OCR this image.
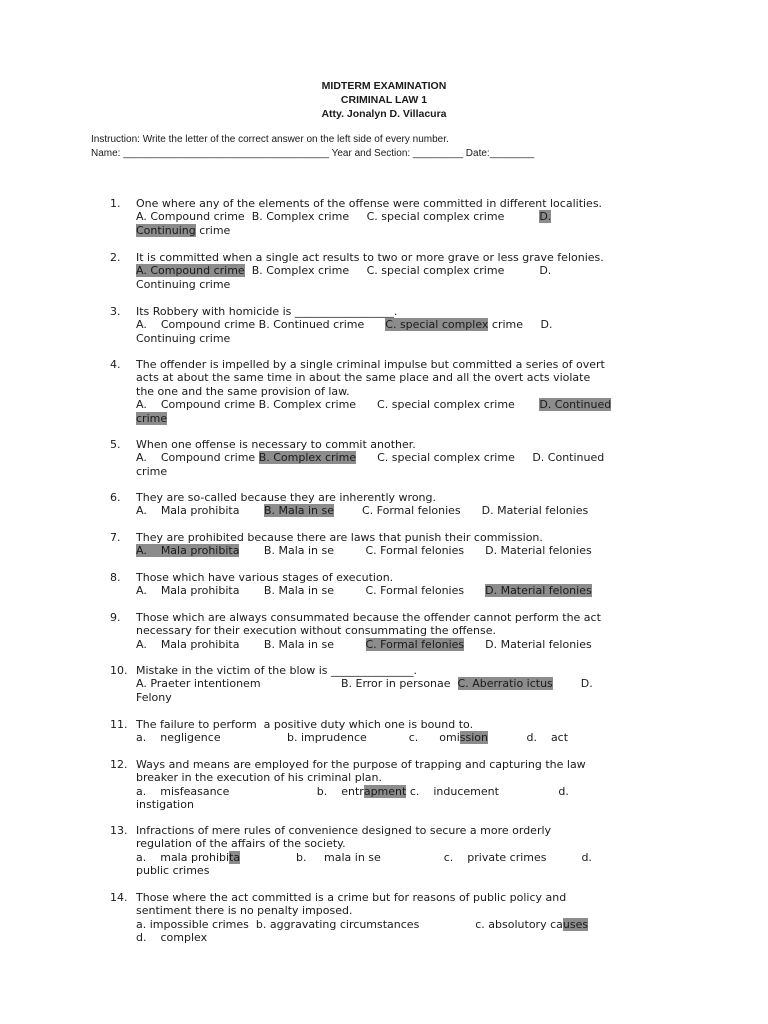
MIDTERM EXAMINATION
CRIMINAL LAW 1
Atty. Jonalyn D. Villacura
Instruction: Write the letter of the correct answer on the left side of every number.
Name: _____________________________________ Year and Section: _________ Date:________
1.	One where any of the elements of the offense were committed in different localities.
A. Compound crime  B. Complex crime     C. special complex crime          D.
Continuing crime
2.	It is committed when a single act results to two or more grave or less grave felonies.
A. Compound crime  B. Complex crime     C. special complex crime          D.
Continuing crime
3.	Its Robbery with homicide is __________________.
A.    Compound crime B. Continued crime      C. special complex crime     D.
Continuing crime
4.	The offender is impelled by a single criminal impulse but committed a series of overt
acts at about the same time in about the same place and all the overt acts violate
the one and the same provision of law.
A.    Compound crime B. Complex crime      C. special complex crime       D. Continued
crime
5.	When one offense is necessary to commit another.
A.    Compound crime B. Complex crime      C. special complex crime     D. Continued
crime
6.	They are so-called because they are inherently wrong.
A.    Mala prohibita       B. Mala in se        C. Formal felonies      D. Material felonies
7.	They are prohibited because there are laws that punish their commission.
A.    Mala prohibita       B. Mala in se         C. Formal felonies      D. Material felonies
8.	Those which have various stages of execution.
A.    Mala prohibita       B. Mala in se         C. Formal felonies      D. Material felonies
9.	Those which are always consummated because the offender cannot perform the act
necessary for their execution without consummating the offense.
A.    Mala prohibita       B. Mala in se         C. Formal felonies      D. Material felonies
10. Mistake in the victim of the blow is _______________.
A. Praeter intentionem                       B. Error in personae  C. Aberratio ictus        D.
Felony
11. The failure to perform  a positive duty which one is bound to.
a.    negligence                   b. imprudence            c.      omission           d.    act
12. Ways and means are employed for the purpose of trapping and capturing the law
breaker in the execution of his criminal plan.
a.    misfeasance                         b.    entrapment c.    inducement                 d.
instigation
13. Infractions of mere rules of convenience designed to secure a more orderly
regulation of the affairs of the society.
a.    mala prohibita                b.     mala in se                  c.    private crimes          d.
public crimes
14. Those where the act committed is a crime but for reasons of public policy and
sentiment there is no penalty imposed.
a. impossible crimes  b. aggravating circumstances                c. absolutory causes
d.    complex
